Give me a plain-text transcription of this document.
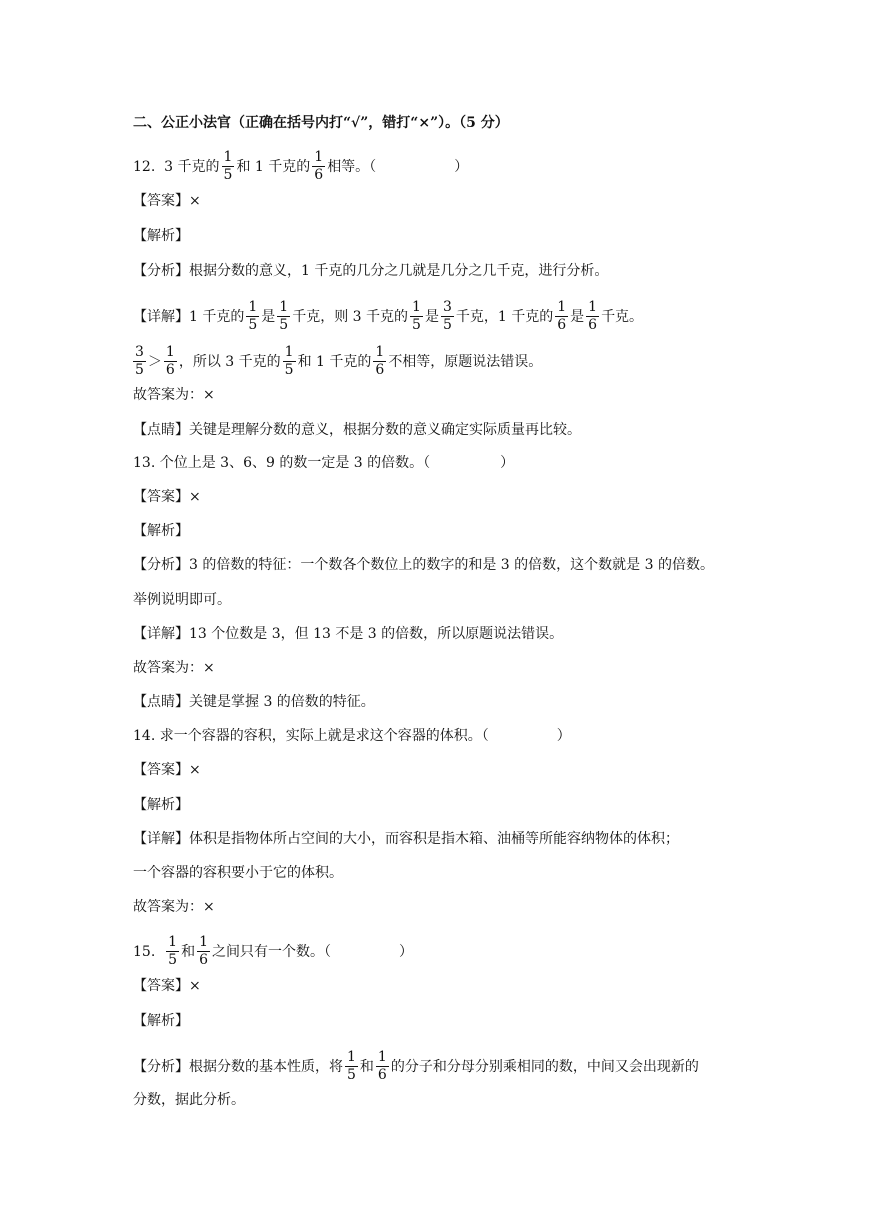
二、公正小法官（正确在括号内打“√”，错打“×”）。（5 分）
12.
3 千克的 $\frac{1}{5}$ 和 1 千克的 $\frac{1}{6}$ 相等。（	）
【答案】×
【解析】
【分析】根据分数的意义，1 千克的几分之几就是几分之几千克，进行分析。
【详解】1 千克的 $\frac{1}{5}$ 是 $\frac{1}{5}$ 千克，则 3 千克的 $\frac{1}{5}$ 是 $\frac{3}{5}$ 千克，1 千克的 $\frac{1}{6}$ 是 $\frac{1}{6}$ 千克。
$\frac{3}{5} > \frac{1}{6}$ ，所以 3 千克的 $\frac{1}{5}$ 和 1 千克的 $\frac{1}{6}$ 不相等，原题说法错误。
故答案为：×
【点睛】关键是理解分数的意义，根据分数的意义确定实际质量再比较。
13. 个位上是 3、6、9 的数一定是 3 的倍数。（	）
【答案】×
【解析】
【分析】3 的倍数的特征：一个数各个数位上的数字的和是 3 的倍数，这个数就是 3 的倍数。
举例说明即可。
【详解】13 个位数是 3，但 13 不是 3 的倍数，所以原题说法错误。
故答案为：×
【点睛】关键是掌握 3 的倍数的特征。
14. 求一个容器的容积，实际上就是求这个容器的体积。（	）
【答案】×
【解析】
【详解】体积是指物体所占空间的大小，而容积是指木箱、油桶等所能容纳物体的体积；
一个容器的容积要小于它的体积。
故答案为：×
15.
$\frac{1}{5}$ 和 $\frac{1}{6}$ 之间只有一个数。（	）
【答案】×
【解析】
【分析】根据分数的基本性质，将 $\frac{1}{5}$ 和 $\frac{1}{6}$ 的分子和分母分别乘相同的数，中间又会出现新的
分数，据此分析。
